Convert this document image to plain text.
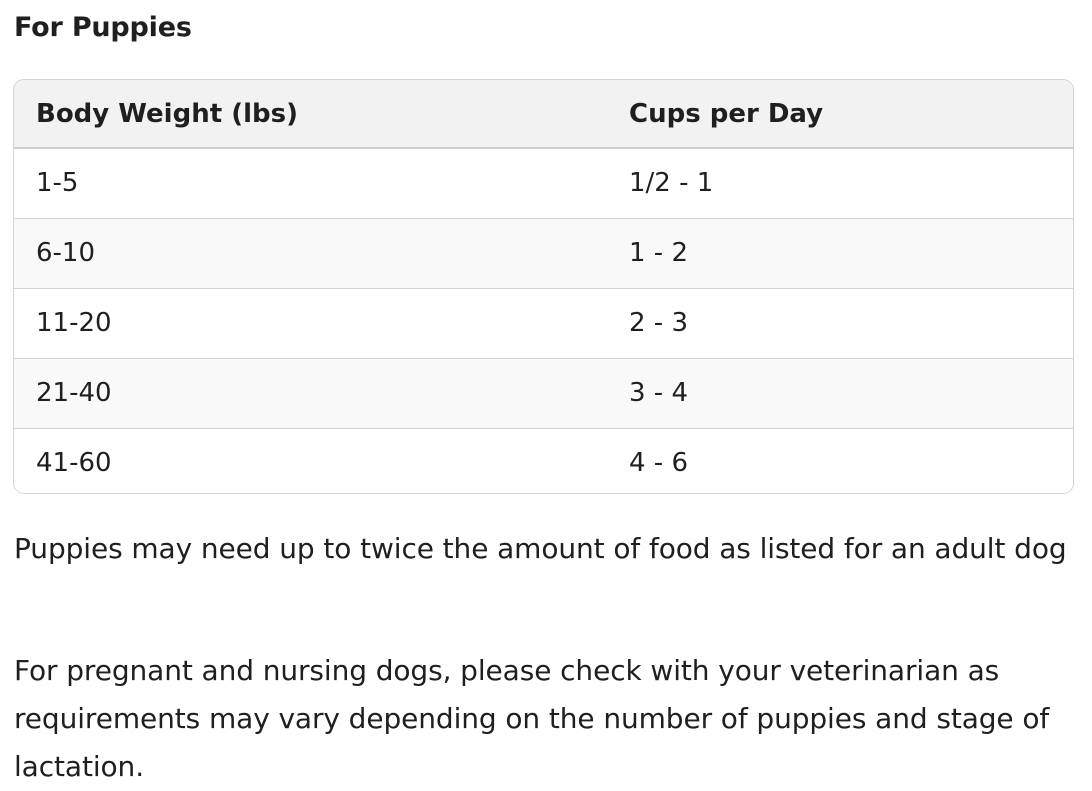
For Puppies
Body Weight (lbs)	Cups per Day
1-5	1/2 - 1
6-10	1 - 2
11-20	2 - 3
21-40	3 - 4
41-60	4 - 6

Puppies may need up to twice the amount of food as listed for an adult dog

For pregnant and nursing dogs, please check with your veterinarian as requirements may vary depending on the number of puppies and stage of lactation.
